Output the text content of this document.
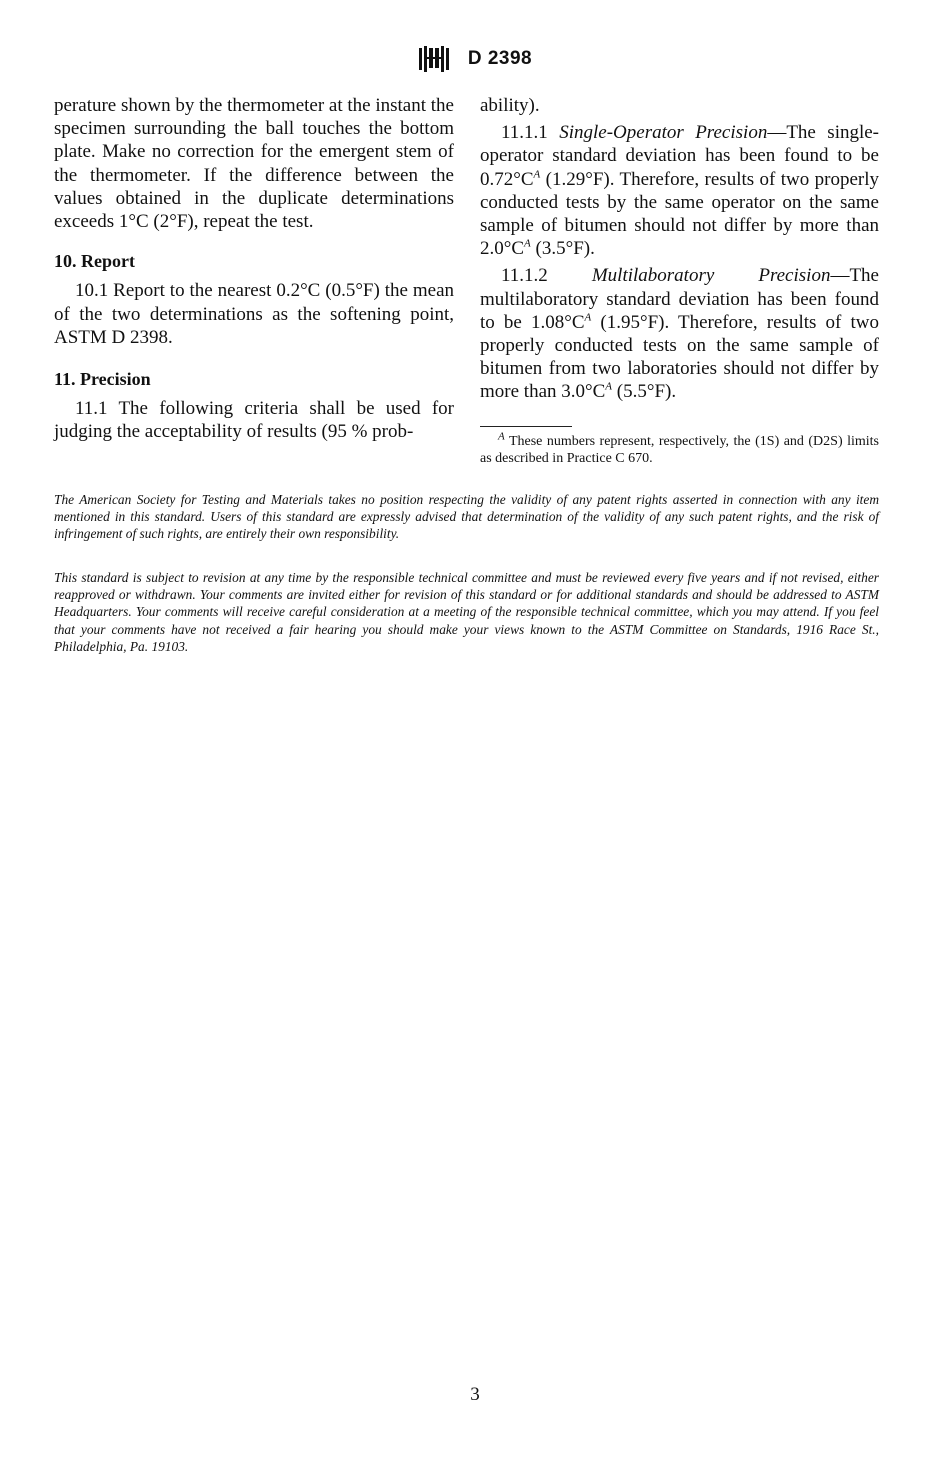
D 2398

perature shown by the thermometer at the instant the specimen surrounding the ball touches the bottom plate. Make no correction for the emergent stem of the thermometer. If the difference between the values obtained in the duplicate determinations exceeds 1°C (2°F), repeat the test.

10. Report

10.1 Report to the nearest 0.2°C (0.5°F) the mean of the two determinations as the softening point, ASTM D 2398.

11. Precision

11.1 The following criteria shall be used for judging the acceptability of results (95 % prob-

ability).

11.1.1 Single-Operator Precision—The single-operator standard deviation has been found to be $0.72^\circ C^A$ (1.29°F). Therefore, results of two properly conducted tests by the same operator on the same sample of bitumen should not differ by more than $2.0^\circ C^A$ (3.5°F).

11.1.2 Multilaboratory Precision—The multilaboratory standard deviation has been found to be $1.08^\circ C^A$ (1.95°F). Therefore, results of two properly conducted tests on the same sample of bitumen from two laboratories should not differ by more than $3.0^\circ C^A$ (5.5°F).

$^A$ These numbers represent, respectively, the (1S) and (D2S) limits as described in Practice C 670.

The American Society for Testing and Materials takes no position respecting the validity of any patent rights asserted in connection with any item mentioned in this standard. Users of this standard are expressly advised that determination of the validity of any such patent rights, and the risk of infringement of such rights, are entirely their own responsibility.

This standard is subject to revision at any time by the responsible technical committee and must be reviewed every five years and if not revised, either reapproved or withdrawn. Your comments are invited either for revision of this standard or for additional standards and should be addressed to ASTM Headquarters. Your comments will receive careful consideration at a meeting of the responsible technical committee, which you may attend. If you feel that your comments have not received a fair hearing you should make your views known to the ASTM Committee on Standards, 1916 Race St., Philadelphia, Pa. 19103.

3
